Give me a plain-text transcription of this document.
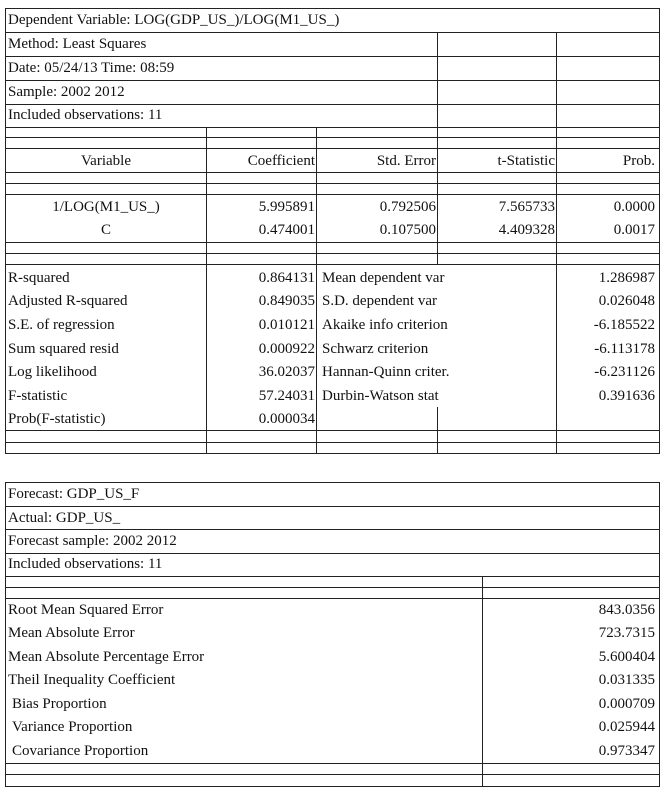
Dependent Variable: LOG(GDP_US_)/LOG(M1_US_)
Method: Least Squares
Date: 05/24/13 Time: 08:59
Sample: 2002 2012
Included observations: 11
Variable	Coefficient	Std. Error	t-Statistic	Prob.
1/LOG(M1_US_)	5.995891	0.792506	7.565733	0.0000
C	0.474001	0.107500	4.409328	0.0017
R-squared	0.864131 Mean dependent var	1.286987
Adjusted R-squared	0.849035 S.D. dependent var	0.026048
S.E. of regression	0.010121 Akaike info criterion	-6.185522
Sum squared resid	0.000922 Schwarz criterion	-6.113178
Log likelihood	36.02037 Hannan-Quinn criter.	-6.231126
F-statistic	57.24031 Durbin-Watson stat	0.391636
Prob(F-statistic)	0.000034
Forecast: GDP_US_F
Actual: GDP_US_
Forecast sample: 2002 2012
Included observations: 11
Root Mean Squared Error	843.0356
Mean Absolute Error	723.7315
Mean Absolute Percentage Error	5.600404
Theil Inequality Coefficient	0.031335
Bias Proportion	0.000709
Variance Proportion	0.025944
Covariance Proportion	0.973347
